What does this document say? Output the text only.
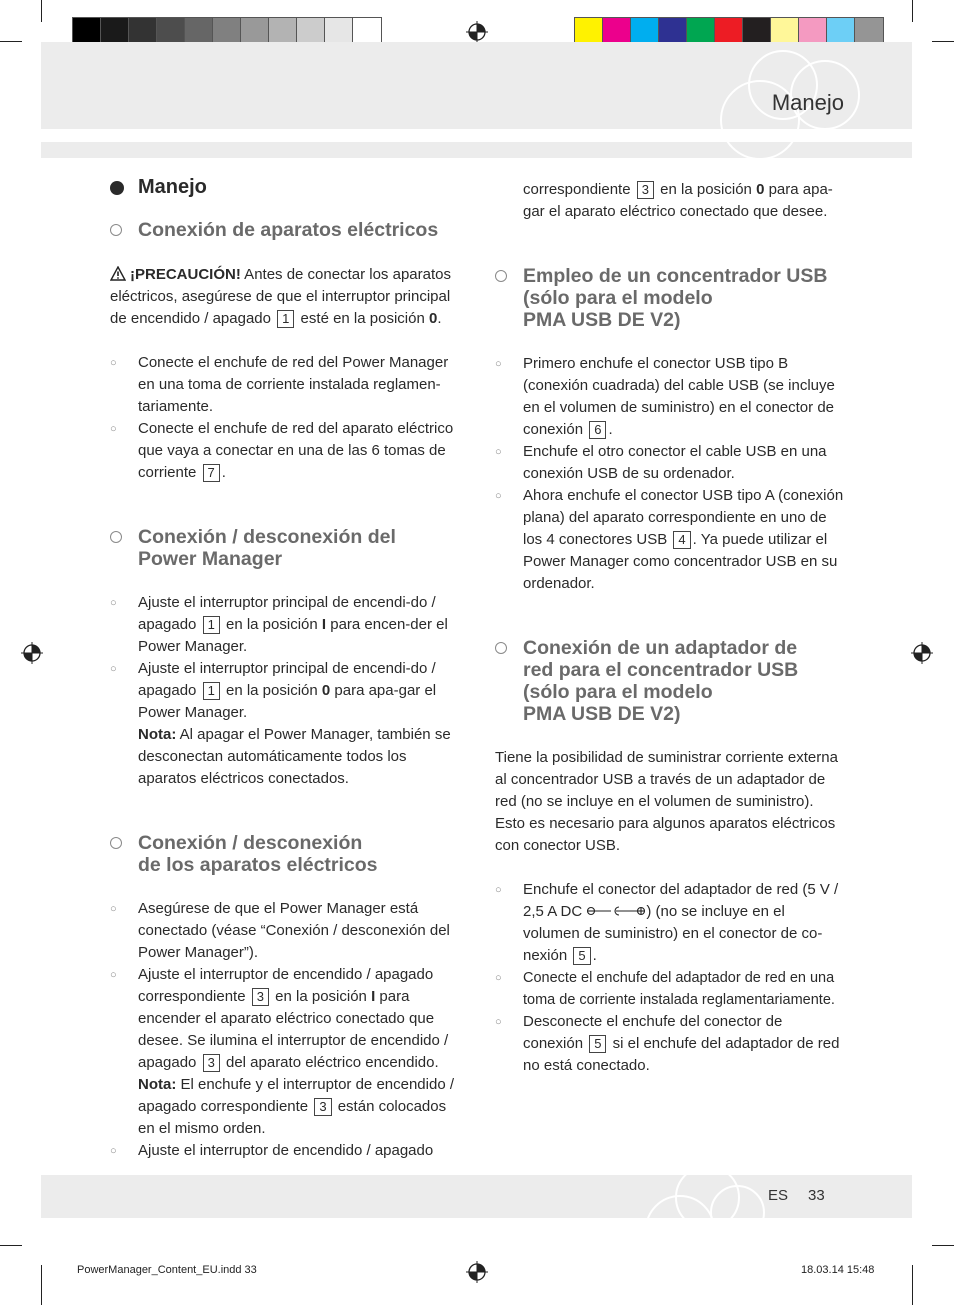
Manejo
Manejo
Conexión de aparatos eléctricos

¡PRECAUCIÓN! Antes de conectar los aparatos eléctricos, asegúrese de que el interruptor principal de encendido / apagado 1 esté en la posición 0.

○	Conecte el enchufe de red del Power Manager en una toma de corriente instalada reglamen-tariamente.
○	Conecte el enchufe de red del aparato eléctrico que vaya a conectar en una de las 6 tomas de corriente 7 .
Conexión / desconexión del
Power Manager
○	Ajuste el interruptor principal de encendi-do / apagado 1 en la posición I para encen-der el Power Manager.
○	Ajuste el interruptor principal de encendi-do / apagado 1 en la posición 0 para apa-gar el Power Manager.
Nota: Al apagar el Power Manager, también se desconectan automáticamente todos los aparatos eléctricos conectados.
Conexión / desconexión
de los aparatos eléctricos
○	Asegúrese de que el Power Manager está conectado (véase “Conexión / desconexión del Power Manager”).
○	Ajuste el interruptor de encendido / apagado correspondiente 3 en la posición I para encender el aparato eléctrico conectado que desee. Se ilumina el interruptor de encendido / apagado 3 del aparato eléctrico encendido.
Nota: El enchufe y el interruptor de encendido / apagado correspondiente 3 están colocados en el mismo orden.
○	Ajuste el interruptor de encendido / apagado

correspondiente 3 en la posición 0 para apa-gar el aparato eléctrico conectado que desee.

Empleo de un concentrador USB
(sólo para el modelo
PMA USB DE V2)
○	Primero enchufe el conector USB tipo B (conexión cuadrada) del cable USB (se incluye en el volumen de suministro) en el conector de conexión 6 .
○	Enchufe el otro conector el cable USB en una conexión USB de su ordenador.
○	Ahora enchufe el conector USB tipo A (conexión plana) del aparato correspondiente en uno de los 4 conectores USB 4 . Ya puede utilizar el Power Manager como concentrador USB en su ordenador.
Conexión de un adaptador de
red para el concentrador USB
(sólo para el modelo
PMA USB DE V2)

Tiene la posibilidad de suministrar corriente externa al concentrador USB a través de un adaptador de red (no se incluye en el volumen de suministro). Esto es necesario para algunos aparatos eléctricos con conector USB.

○	Enchufe el conector del adaptador de red (5 V / 2,5 A DC	) (no se incluye en el volumen de suministro) en el conector de co-nexión 5 .
○	Conecte el enchufe del adaptador de red en una toma de corriente instalada reglamentariamente.
○	Desconecte el enchufe del conector de conexión 5 si el enchufe del adaptador de red no está conectado.
ES 33
PowerManager_Content_EU.indd 33	18.03.14 15:48
